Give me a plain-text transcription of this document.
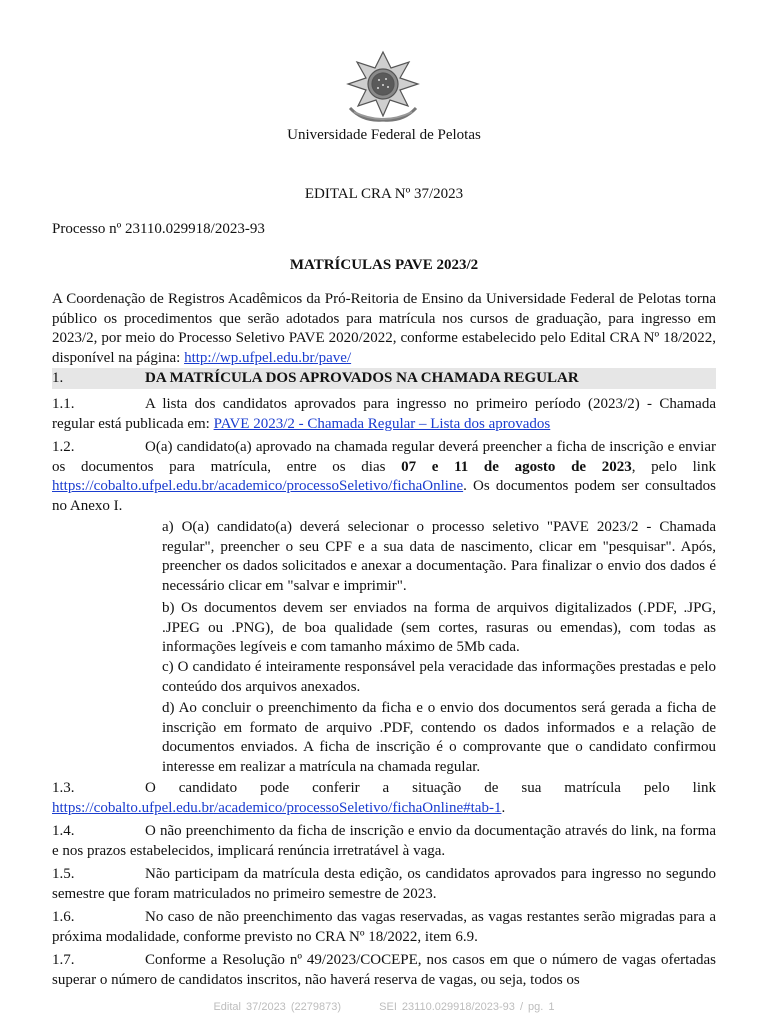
Universidade Federal de Pelotas
EDITAL CRA Nº 37/2023
Processo nº 23110.029918/2023-93
MATRÍCULAS PAVE 2023/2
A Coordenação de Registros Acadêmicos da Pró-Reitoria de Ensino da Universidade Federal de Pelotas torna público os procedimentos que serão adotados para matrícula nos cursos de graduação, para ingresso em 2023/2, por meio do Processo Seletivo PAVE 2020/2022, conforme estabelecido pelo Edital CRA Nº 18/2022, disponível na página: http://wp.ufpel.edu.br/pave/
1.	DA MATRÍCULA DOS APROVADOS NA CHAMADA REGULAR
1.1.	A lista dos candidatos aprovados para ingresso no primeiro período (2023/2) - Chamada regular está publicada em: PAVE 2023/2 - Chamada Regular – Lista dos aprovados
1.2.	O(a) candidato(a) aprovado na chamada regular deverá preencher a ficha de inscrição e enviar os documentos para matrícula, entre os dias 07 e 11 de agosto de 2023, pelo link https://cobalto.ufpel.edu.br/academico/processoSeletivo/fichaOnline. Os documentos podem ser consultados no Anexo I.
a) O(a) candidato(a) deverá selecionar o processo seletivo "PAVE 2023/2 - Chamada regular", preencher o seu CPF e a sua data de nascimento, clicar em "pesquisar". Após, preencher os dados solicitados e anexar a documentação. Para finalizar o envio dos dados é necessário clicar em "salvar e imprimir".
b) Os documentos devem ser enviados na forma de arquivos digitalizados (.PDF, .JPG, .JPEG ou .PNG), de boa qualidade (sem cortes, rasuras ou emendas), com todas as informações legíveis e com tamanho máximo de 5Mb cada.
c) O candidato é inteiramente responsável pela veracidade das informações prestadas e pelo conteúdo dos arquivos anexados.
d) Ao concluir o preenchimento da ficha e o envio dos documentos será gerada a ficha de inscrição em formato de arquivo .PDF, contendo os dados informados e a relação de documentos enviados. A ficha de inscrição é o comprovante que o candidato confirmou interesse em realizar a matrícula na chamada regular.
1.3.	O candidato pode conferir a situação de sua matrícula pelo link https://cobalto.ufpel.edu.br/academico/processoSeletivo/fichaOnline#tab-1.
1.4.	O não preenchimento da ficha de inscrição e envio da documentação através do link, na forma e nos prazos estabelecidos, implicará renúncia irretratável à vaga.
1.5.	Não participam da matrícula desta edição, os candidatos aprovados para ingresso no segundo semestre que foram matriculados no primeiro semestre de 2023.
1.6.	No caso de não preenchimento das vagas reservadas, as vagas restantes serão migradas para a próxima modalidade, conforme previsto no CRA Nº 18/2022, item 6.9.
1.7.	Conforme a Resolução nº 49/2023/COCEPE, nos casos em que o número de vagas ofertadas superar o número de candidatos inscritos, não haverá reserva de vagas, ou seja, todos os
Edital 37/2023 (2279873)	SEI 23110.029918/2023-93 / pg. 1
